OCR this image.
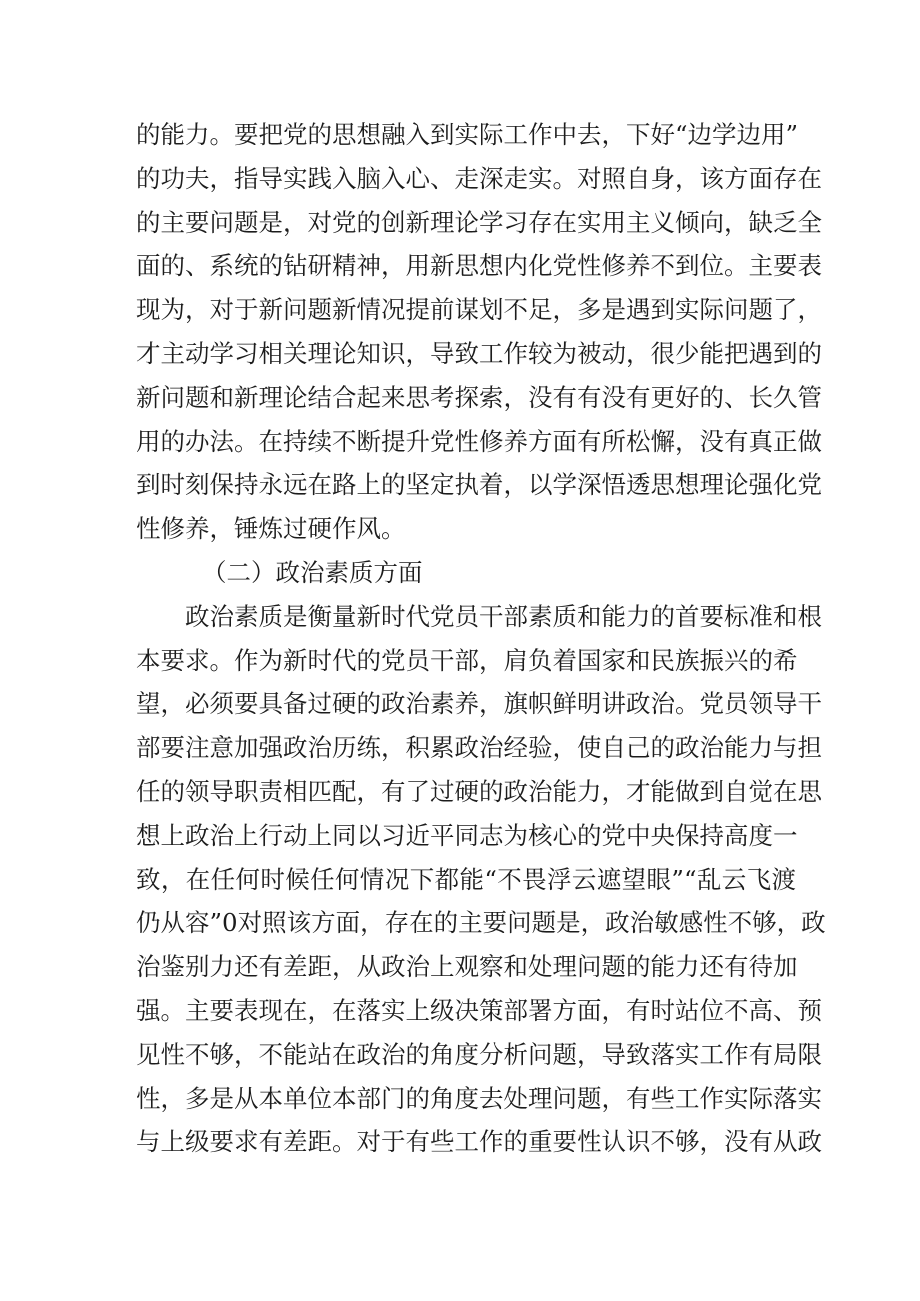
的能力。要把党的思想融入到实际工作中去，下好“边学边用”
的功夫，指导实践入脑入心、走深走实。对照自身，该方面存在
的主要问题是，对党的创新理论学习存在实用主义倾向，缺乏全
面的、系统的钻研精神，用新思想内化党性修养不到位。主要表
现为，对于新问题新情况提前谋划不足，多是遇到实际问题了，
才主动学习相关理论知识，导致工作较为被动，很少能把遇到的
新问题和新理论结合起来思考探索，没有有没有更好的、长久管
用的办法。在持续不断提升党性修养方面有所松懈，没有真正做
到时刻保持永远在路上的坚定执着，以学深悟透思想理论强化党
性修养，锤炼过硬作风。
（二）政治素质方面
政治素质是衡量新时代党员干部素质和能力的首要标准和根
本要求。作为新时代的党员干部，肩负着国家和民族振兴的希
望，必须要具备过硬的政治素养，旗帜鲜明讲政治。党员领导干
部要注意加强政治历练，积累政治经验，使自己的政治能力与担
任的领导职责相匹配，有了过硬的政治能力，才能做到自觉在思
想上政治上行动上同以习近平同志为核心的党中央保持高度一
致，在任何时候任何情况下都能“不畏浮云遮望眼”“乱云飞渡
仍从容”0对照该方面，存在的主要问题是，政治敏感性不够，政
治鉴别力还有差距，从政治上观察和处理问题的能力还有待加
强。主要表现在，在落实上级决策部署方面，有时站位不高、预
见性不够，不能站在政治的角度分析问题，导致落实工作有局限
性，多是从本单位本部门的角度去处理问题，有些工作实际落实
与上级要求有差距。对于有些工作的重要性认识不够，没有从政
